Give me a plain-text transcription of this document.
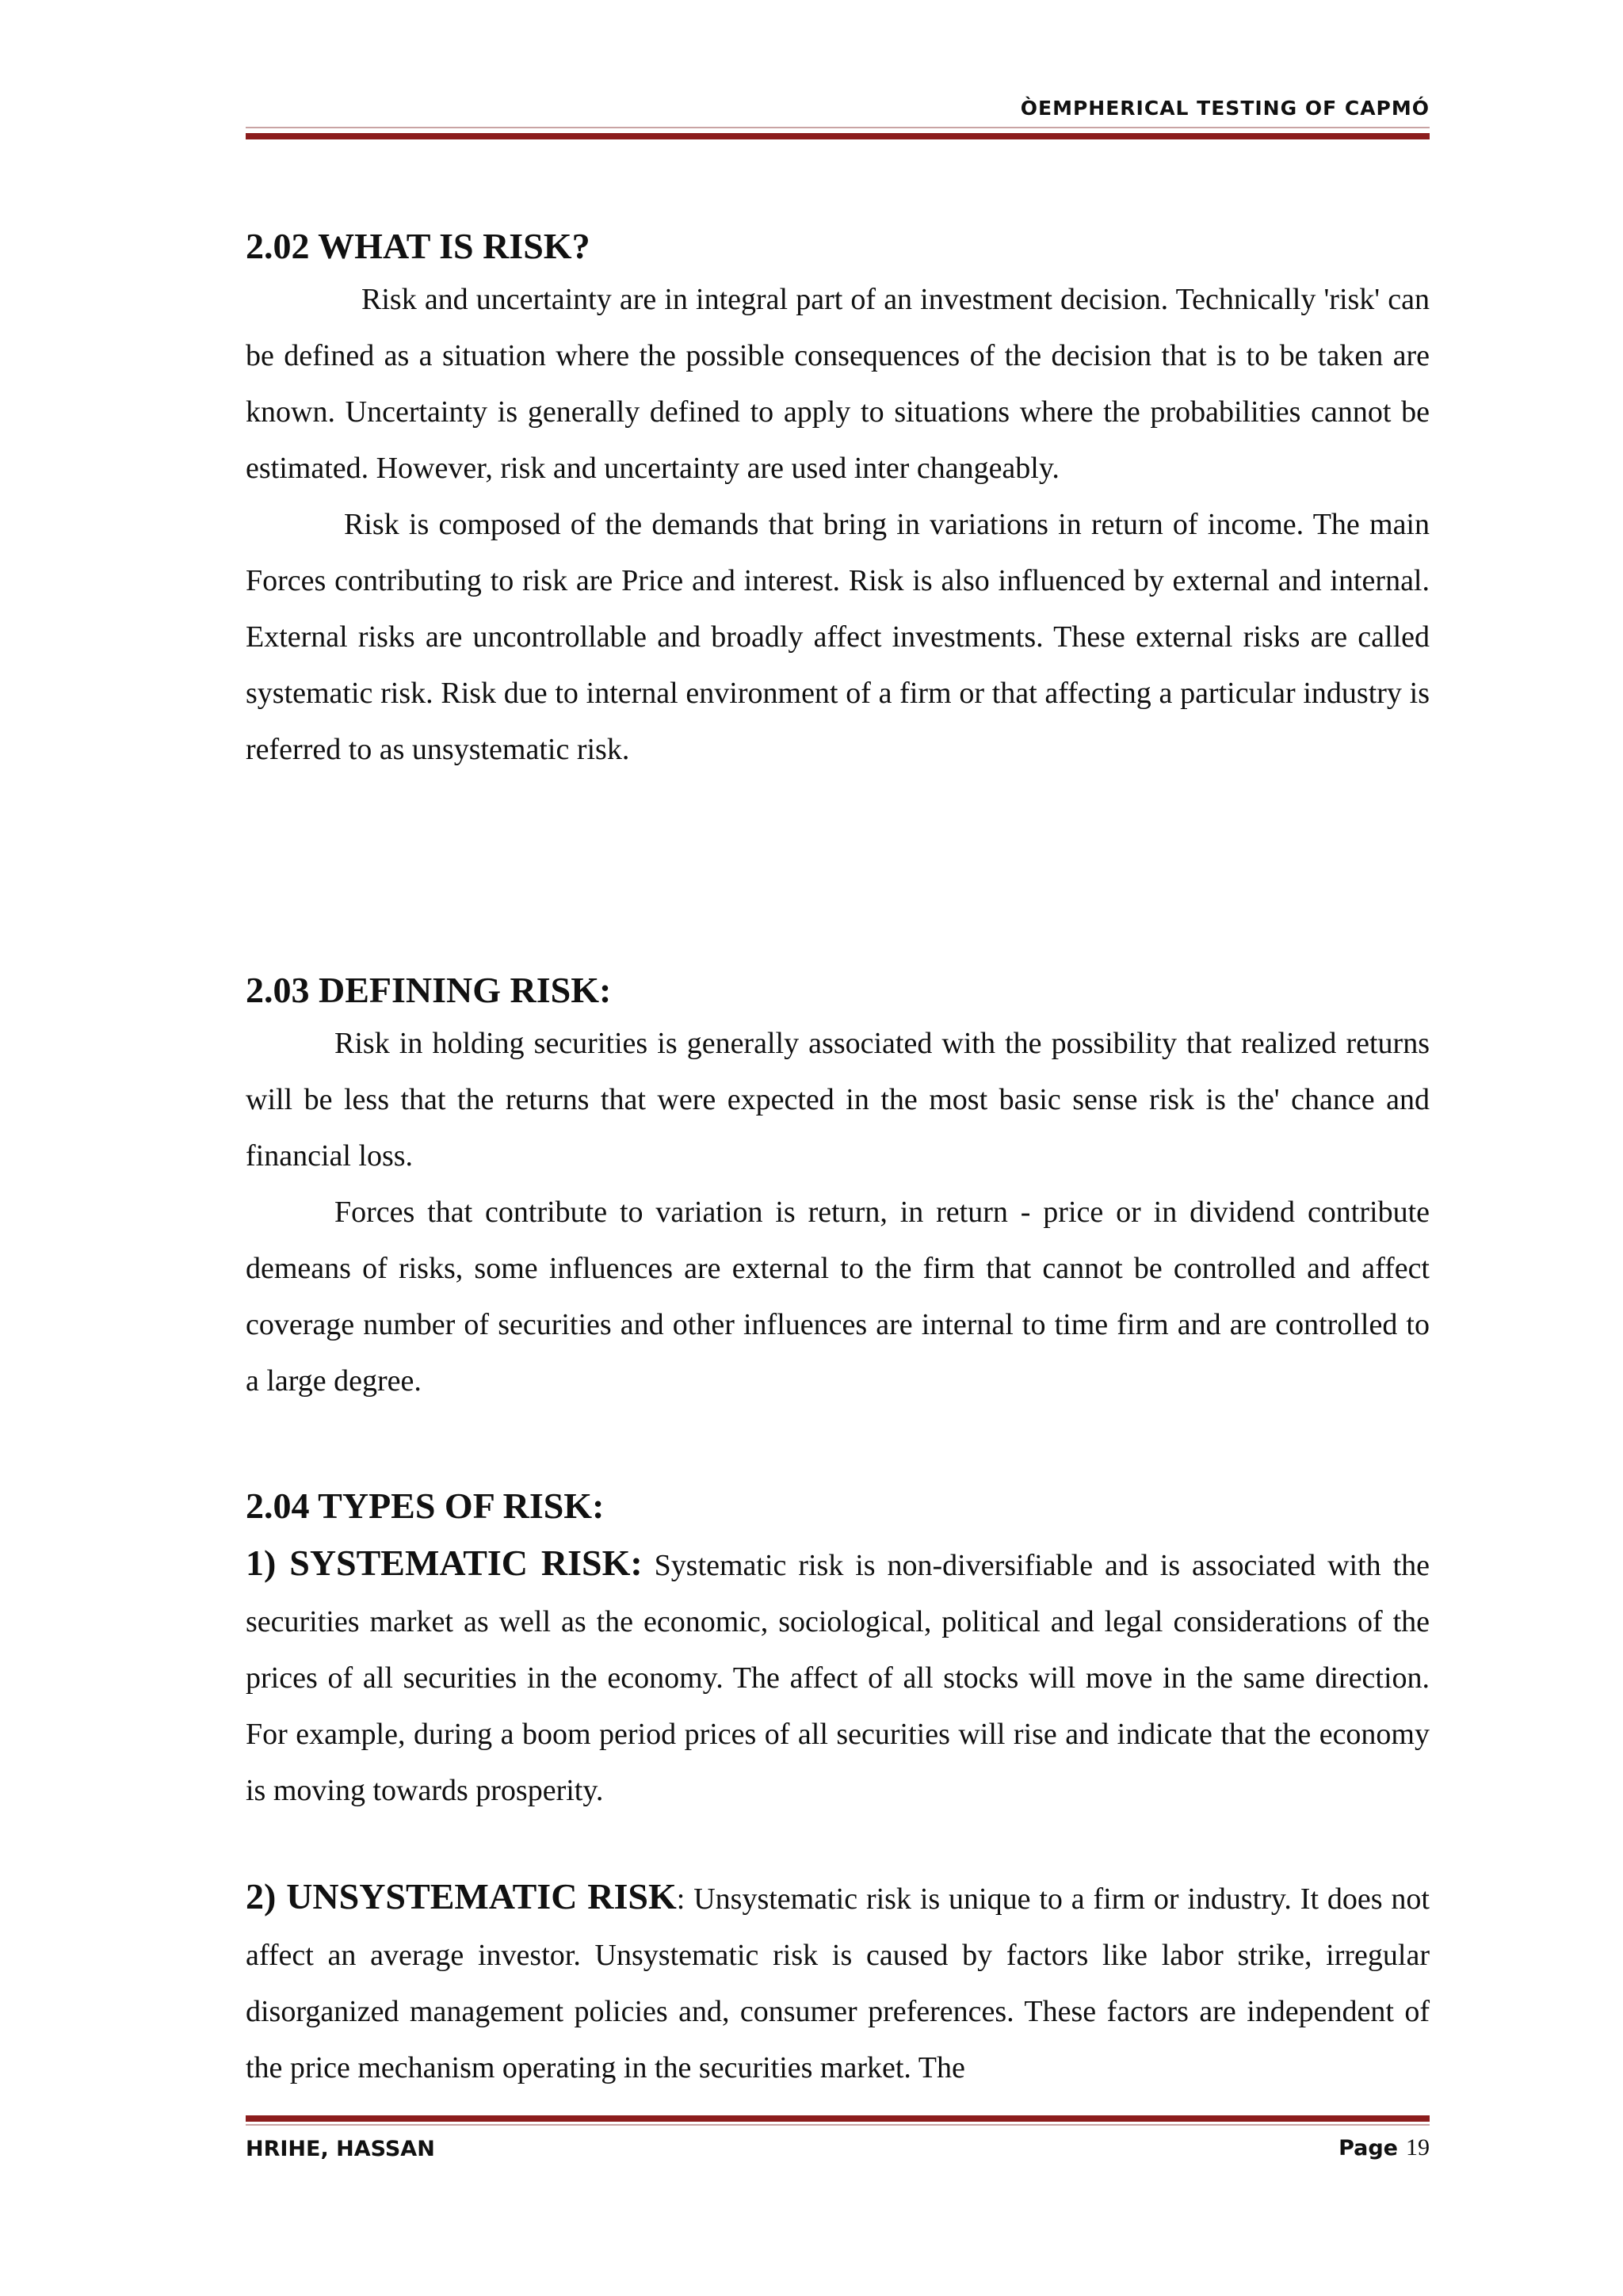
ÒEMPHERICAL TESTING OF CAPMÓ
2.02 WHAT IS RISK?

Risk and uncertainty are in integral part of an investment decision. Technically 'risk' can be defined as a situation where the possible consequences of the decision that is to be taken are known. Uncertainty is generally defined to apply to situations where the probabilities cannot be estimated. However, risk and uncertainty are used inter changeably.

Risk is composed of the demands that bring in variations in return of income. The main Forces contributing to risk are Price and interest. Risk is also influenced by external and internal. External risks are uncontrollable and broadly affect investments. These external risks are called systematic risk. Risk due to internal environment of a firm or that affecting a particular industry is referred to as unsystematic risk.

2.03 DEFINING RISK:

Risk in holding securities is generally associated with the possibility that realized returns will be less that the returns that were expected in the most basic sense risk is the' chance and financial loss.

Forces that contribute to variation is return, in return - price or in dividend contribute demeans of risks, some influences are external to the firm that cannot be controlled and affect coverage number of securities and other influences are internal to time firm and are controlled to a large degree.

2.04 TYPES OF RISK:

1) SYSTEMATIC RISK: Systematic risk is non-diversifiable and is associated with the securities market as well as the economic, sociological, political and legal considerations of the prices of all securities in the economy. The affect of all stocks will move in the same direction. For example, during a boom period prices of all securities will rise and indicate that the economy is moving towards prosperity.

2) UNSYSTEMATIC RISK: Unsystematic risk is unique to a firm or industry. It does not affect an average investor. Unsystematic risk is caused by factors like labor strike, irregular disorganized management policies and, consumer preferences. These factors are independent of the price mechanism operating in the securities market. The

HRIHE, HASSAN	Page 19
